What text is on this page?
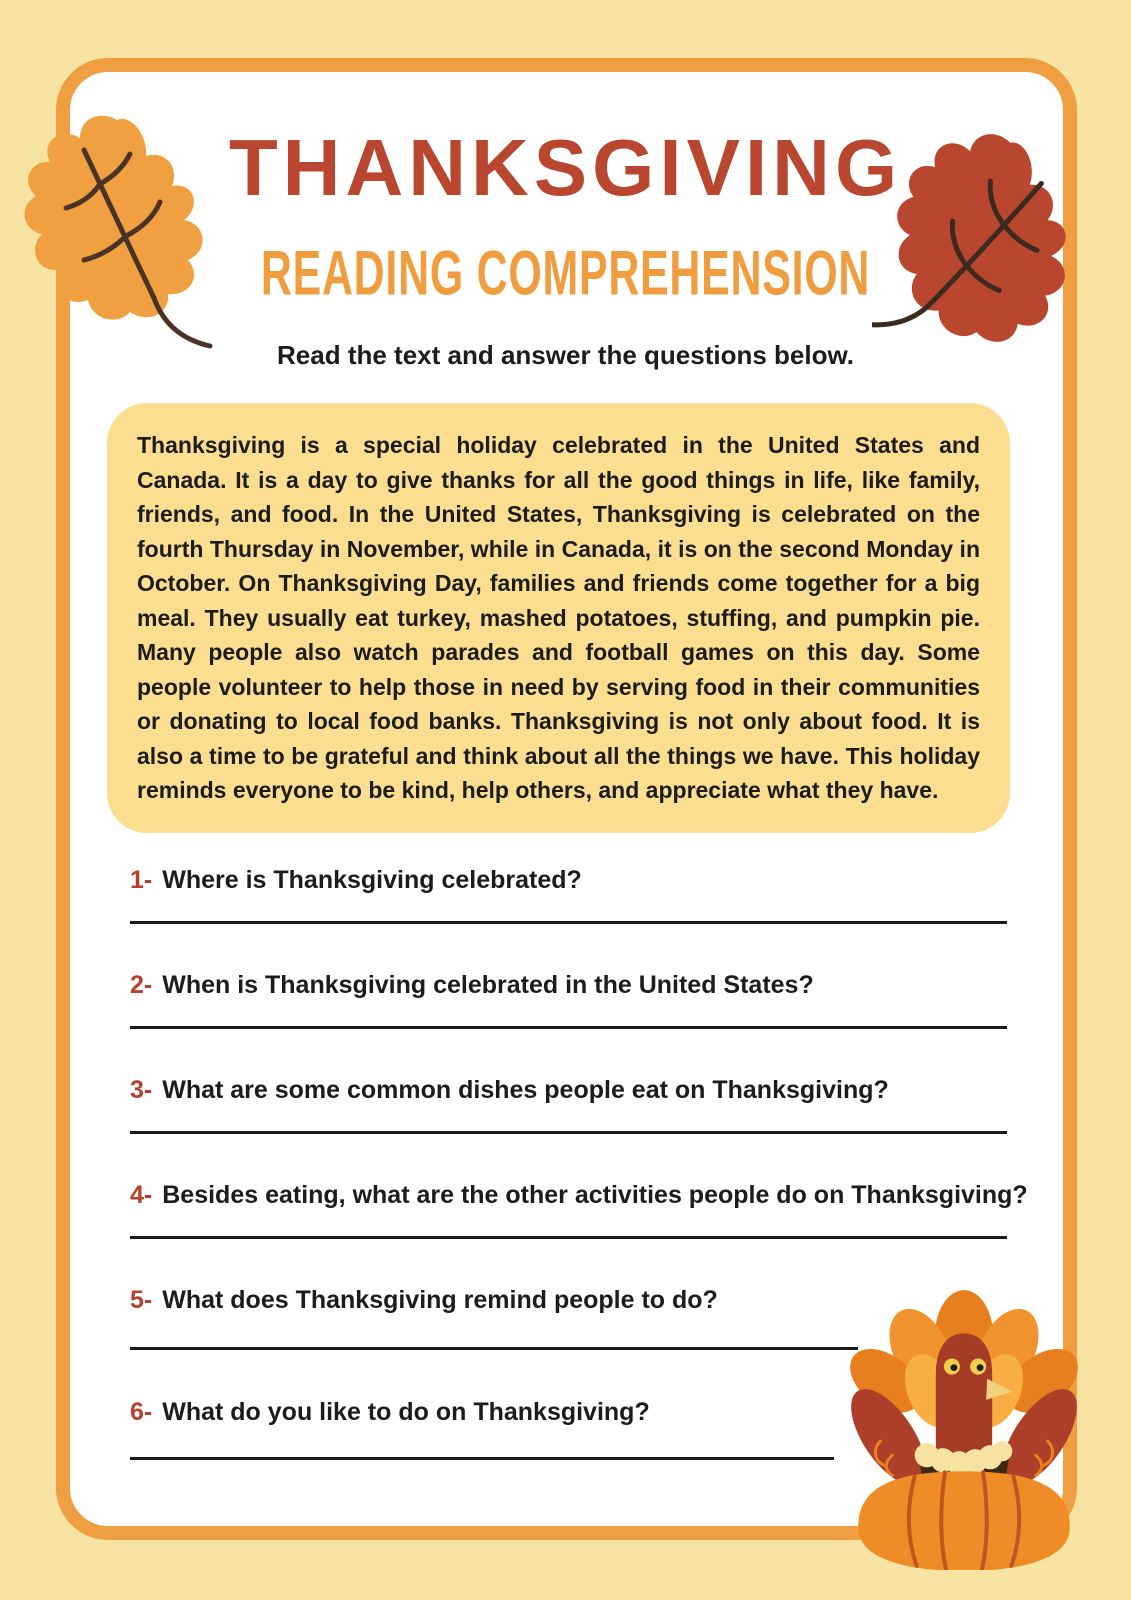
THANKSGIVING
READING COMPREHENSION
Read the text and answer the questions below.
Thanksgiving is a special holiday celebrated in the United States and Canada. It is a day to give thanks for all the good things in life, like family, friends, and food. In the United States, Thanksgiving is celebrated on the fourth Thursday in November, while in Canada, it is on the second Monday in October. On Thanksgiving Day, families and friends come together for a big meal. They usually eat turkey, mashed potatoes, stuffing, and pumpkin pie. Many people also watch parades and football games on this day. Some people volunteer to help those in need by serving food in their communities or donating to local food banks. Thanksgiving is not only about food. It is also a time to be grateful and think about all the things we have. This holiday reminds everyone to be kind, help others, and appreciate what they have.
1- Where is Thanksgiving celebrated?
2- When is Thanksgiving celebrated in the United States?
3- What are some common dishes people eat on Thanksgiving?
4- Besides eating, what are the other activities people do on Thanksgiving?
5- What does Thanksgiving remind people to do?
6- What do you like to do on Thanksgiving?
